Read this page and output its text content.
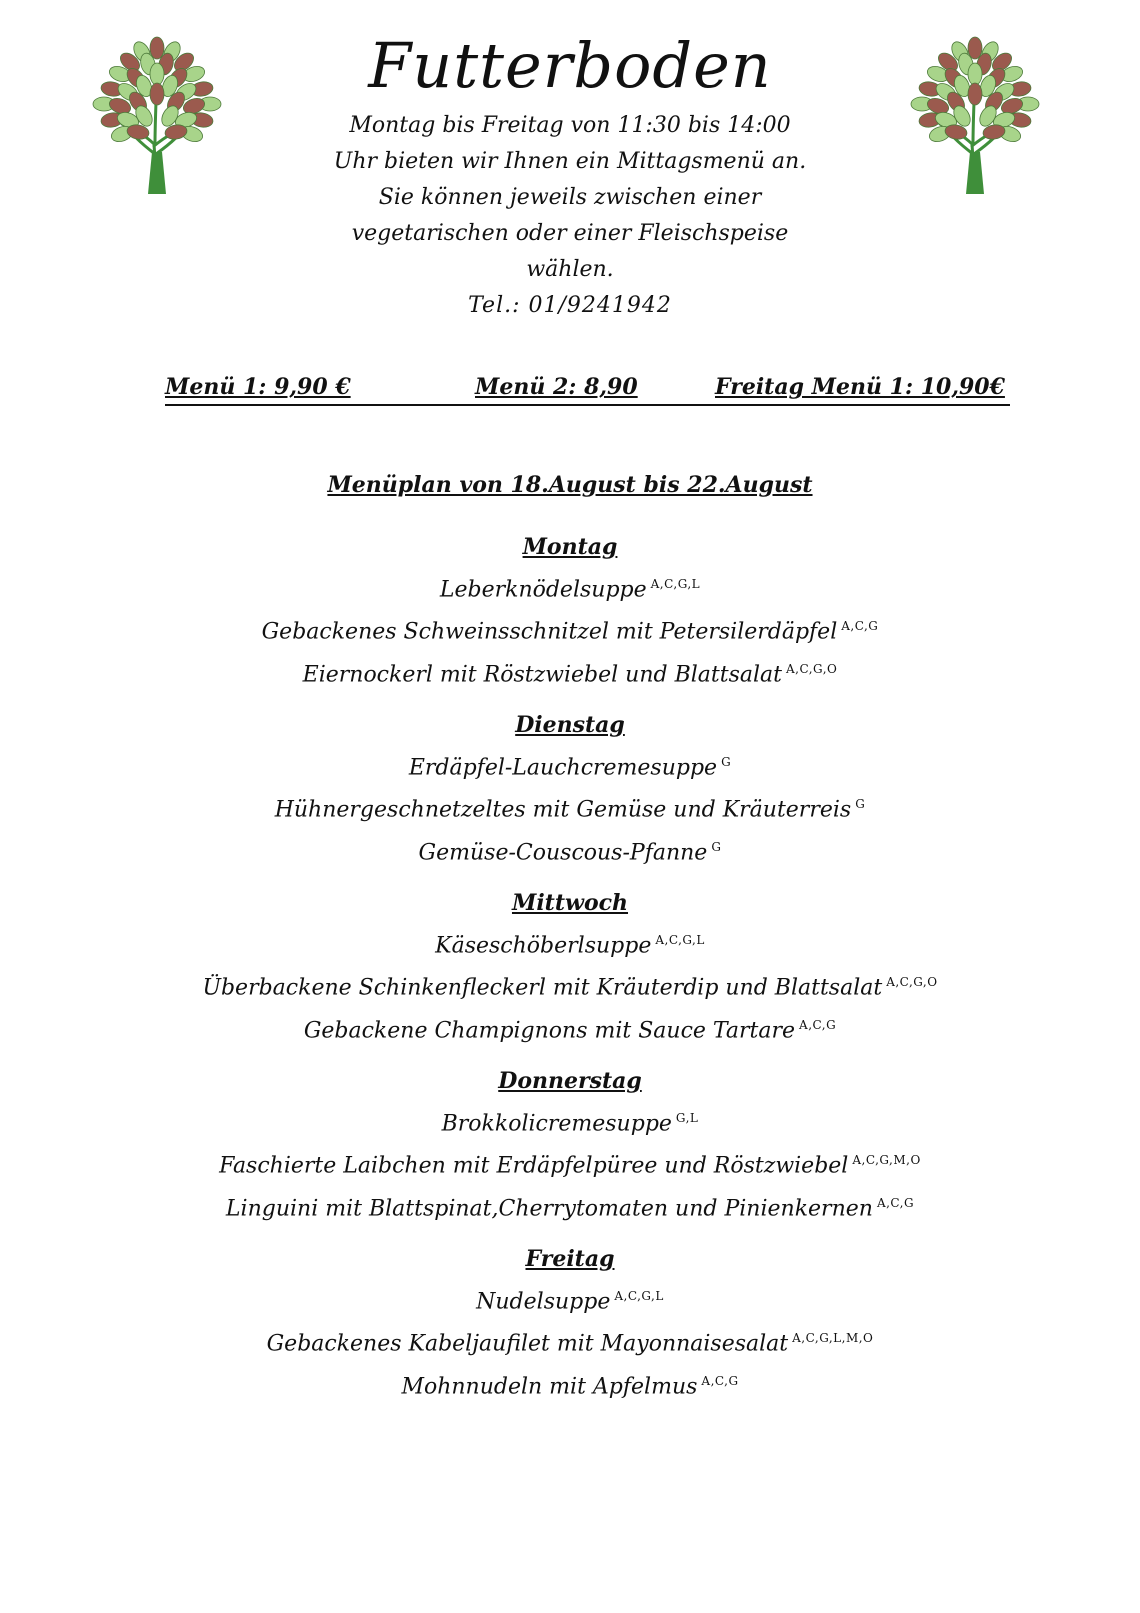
Futterboden
Montag bis Freitag von 11:30 bis 14:00
Uhr bieten wir Ihnen ein Mittagsmenü an.
Sie können jeweils zwischen einer
vegetarischen oder einer Fleischspeise
wählen.
Tel.: 01/9241942
Menü 1: 9,90 €	Menü 2: 8,90	Freitag Menü 1: 10,90€
Menüplan von 18.August bis 22.August
Montag
Leberknödelsuppe $^{A,C,G,L}$
Gebackenes Schweinsschnitzel mit Petersilerdäpfel $^{A,C,G}$
Eiernockerl mit Röstzwiebel und Blattsalat $^{A,C,G,O}$
Dienstag
Erdäpfel-Lauchcremesuppe $^G$
Hühnergeschnetzeltes mit Gemüse und Kräuterreis $^G$
Gemüse-Couscous-Pfanne $^G$
Mittwoch
Käseschöberlsuppe $^{A,C,G,L}$
Überbackene Schinkenfleckerl mit Kräuterdip und Blattsalat $^{A,C,G,O}$
Gebackene Champignons mit Sauce Tartare $^{A,C,G}$
Donnerstag
Brokkolicremesuppe $^{G,L}$
Faschierte Laibchen mit Erdäpfelpüree und Röstzwiebel $^{A,C,G,M,O}$
Linguini mit Blattspinat,Cherrytomaten und Pinienkernen $^{A,C,G}$
Freitag
Nudelsuppe $^{A,C,G,L}$
Gebackenes Kabeljaufilet mit Mayonnaisesalat $^{A,C,G,L,M,O}$
Mohnnudeln mit Apfelmus $^{A,C,G}$
